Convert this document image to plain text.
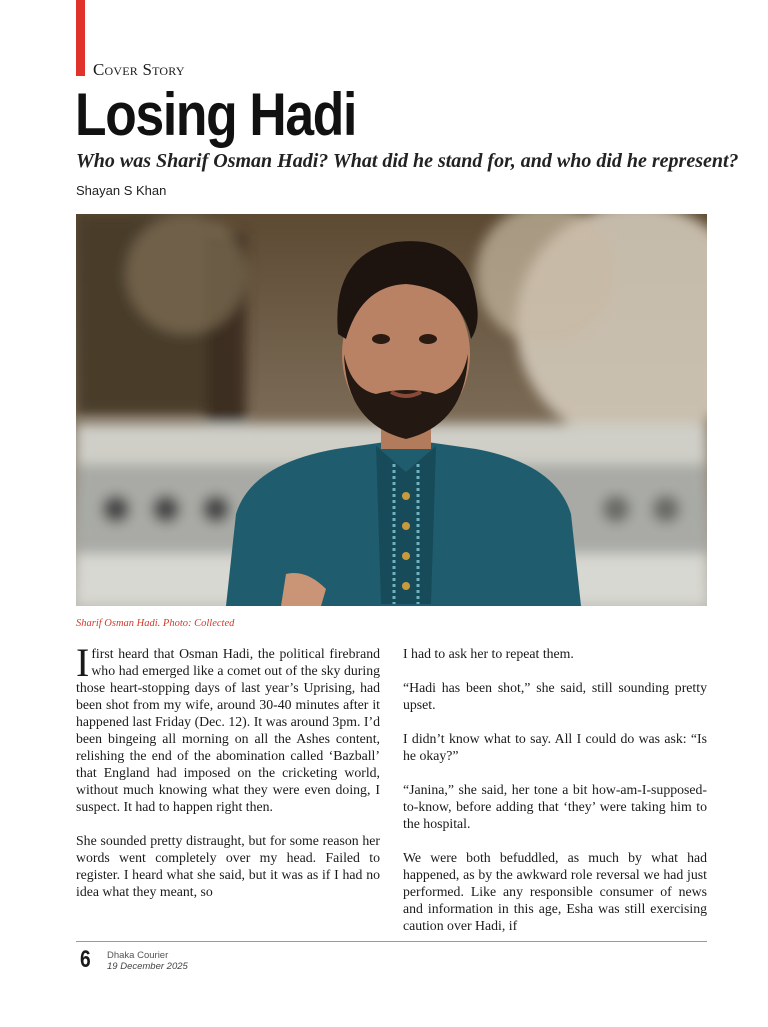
Cover Story
Losing Hadi
Who was Sharif Osman Hadi? What did he stand for, and who did he represent?
Shayan S Khan
Sharif Osman Hadi. Photo: Collected

Ifirst heard that Osman Hadi, the political firebrand who had emerged like a comet out of the sky during those heart-stopping days of last year’s Uprising, had been shot from my wife, around 30-40 minutes after it happened last Friday (Dec. 12). It was around 3pm. I’d been bingeing all morning on all the Ashes content, relishing the end of the abomination called ‘Bazball’ that England had imposed on the cricketing world, without much knowing what they were even doing, I suspect. It had to happen right then.

She sounded pretty distraught, but for some reason her words went completely over my head. Failed to register. I heard what she said, but it was as if I had no idea what they meant, so

I had to ask her to repeat them.

“Hadi has been shot,” she said, still sounding pretty upset.

I didn’t know what to say. All I could do was ask: “Is he okay?”

“Janina,” she said, her tone a bit how-am-I-supposed-to-know, before adding that ‘they’ were taking him to the hospital.

We were both befuddled, as much by what had happened, as by the awkward role reversal we had just performed. Like any responsible consumer of news and information in this age, Esha was still exercising caution over Hadi, if

6 Dhaka Courier
19 December 2025
